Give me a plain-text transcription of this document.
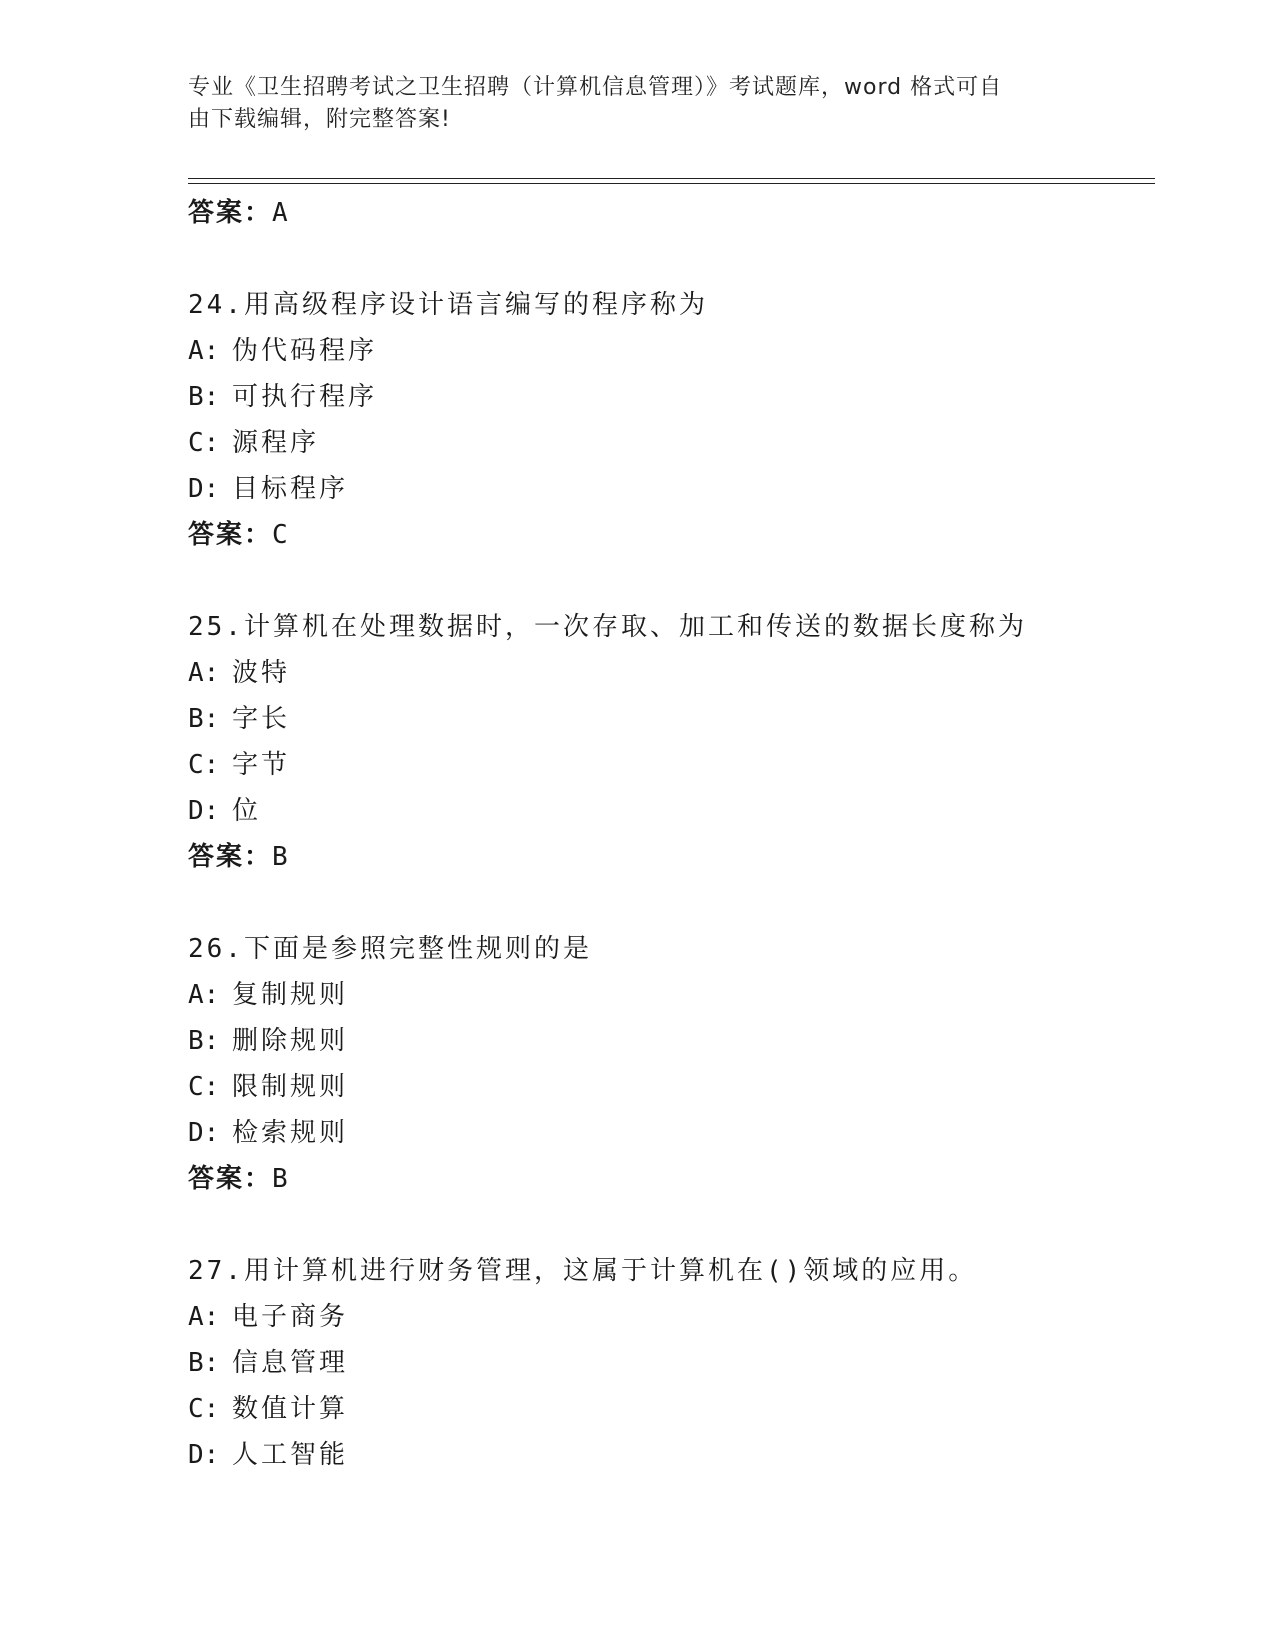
专业《卫生招聘考试之卫生招聘（计算机信息管理）》考试题库，word 格式可自
由下载编辑，附完整答案!
答案：A
24.用高级程序设计语言编写的程序称为
A: 伪代码程序
B: 可执行程序
C: 源程序
D: 目标程序
答案：C
25.计算机在处理数据时，一次存取、加工和传送的数据长度称为
A: 波特
B: 字长
C: 字节
D: 位
答案：B
26.下面是参照完整性规则的是
A: 复制规则
B: 删除规则
C: 限制规则
D: 检索规则
答案：B
27.用计算机进行财务管理，这属于计算机在()领域的应用。
A: 电子商务
B: 信息管理
C: 数值计算
D: 人工智能
